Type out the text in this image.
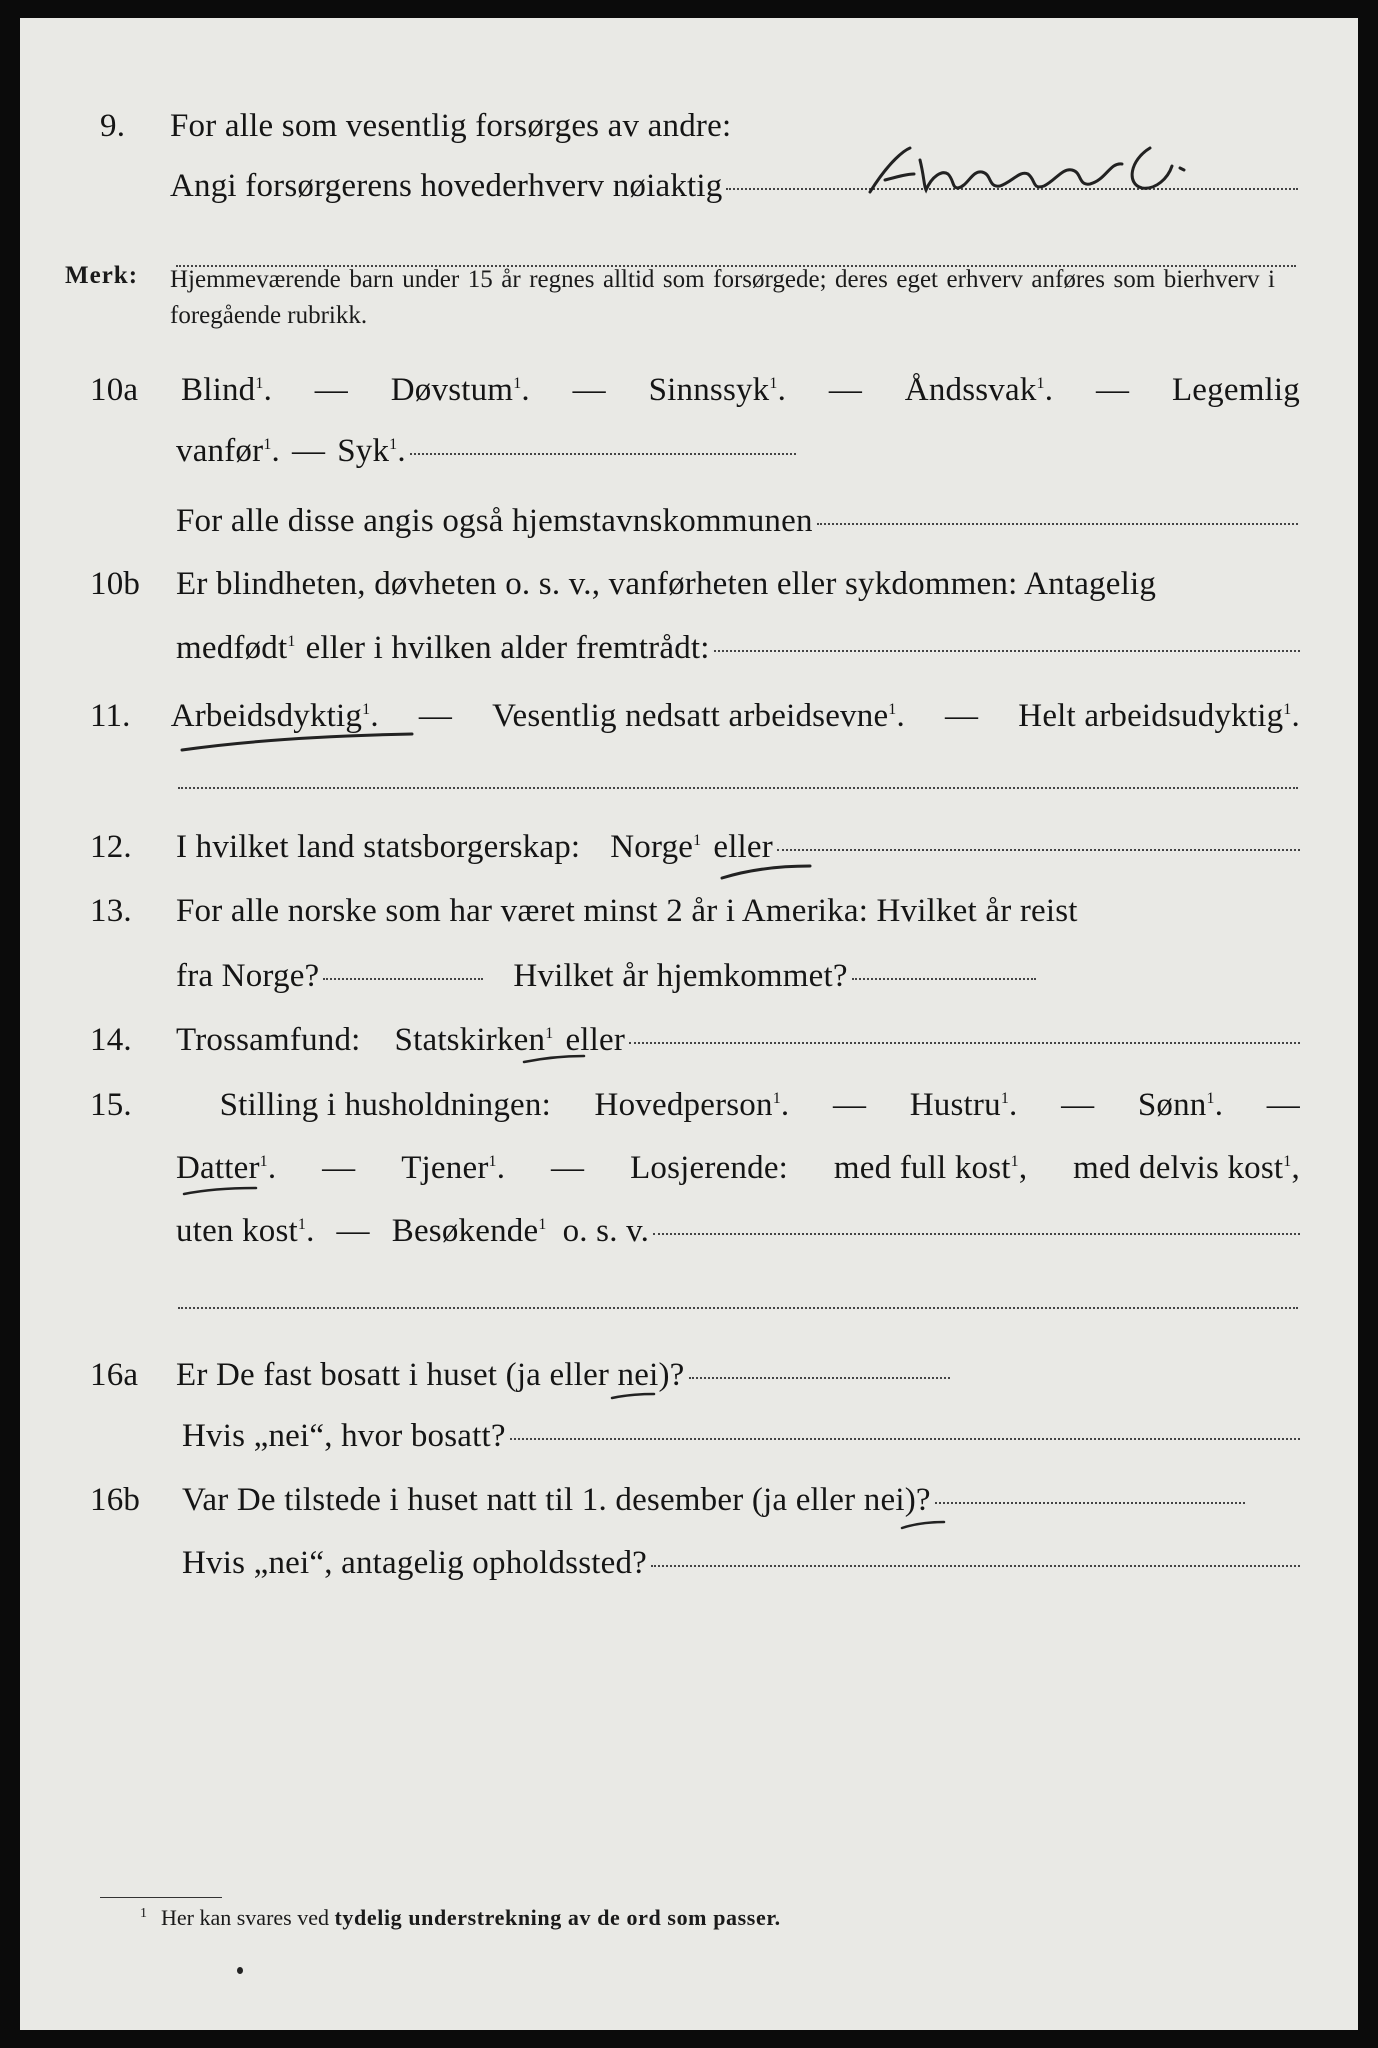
9.	For alle som vesentlig forsørges av andre:
Angi forsørgerens hovederhverv nøiaktig
Annen d.
Merk: Hjemmeværende barn under 15 år regnes alltid som forsørgede; deres eget erhverv anføres som bierhverv i foregående rubrikk.
10a Blind$^1$. — Døvstum$^1$. — Sinnssyk$^1$. — Åndssvak$^1$. — Legemlig
vanfør$^1$. — Syk$^1$.
For alle disse angis også hjemstavnskommunen
10b	Er blindheten, døvheten o. s. v., vanførheten eller sykdommen: Antagelig
medfødt$^1$ eller i hvilken alder fremtrådt:
11. Arbeidsdyktig$^1$. — Vesentlig nedsatt arbeidsevne$^1$. — Helt arbeidsudyktig$^1$.
12.	I hvilket land statsborgerskap: Norge$^1$ eller
13.	For alle norske som har været minst 2 år i Amerika: Hvilket år reist
fra Norge?	Hvilket år hjemkommet?
14.	Trossamfund: Statskirken$^1$ eller
15.	Stilling i husholdningen: Hovedperson$^1$. — Hustru$^1$. — Sønn$^1$. —
Datter$^1$. — Tjener$^1$. — Losjerende: med full kost$^1$, med delvis kost$^1$,
uten kost$^1$. — Besøkende$^1$ o. s. v.
16a	Er De fast bosatt i huset (ja eller nei)?
Hvis „nei“, hvor bosatt?
16b	Var De tilstede i huset natt til 1. desember (ja eller nei)?
Hvis „nei“, antagelig opholdssted?
$^1$ Her kan svares ved tydelig understrekning av de ord som passer.
